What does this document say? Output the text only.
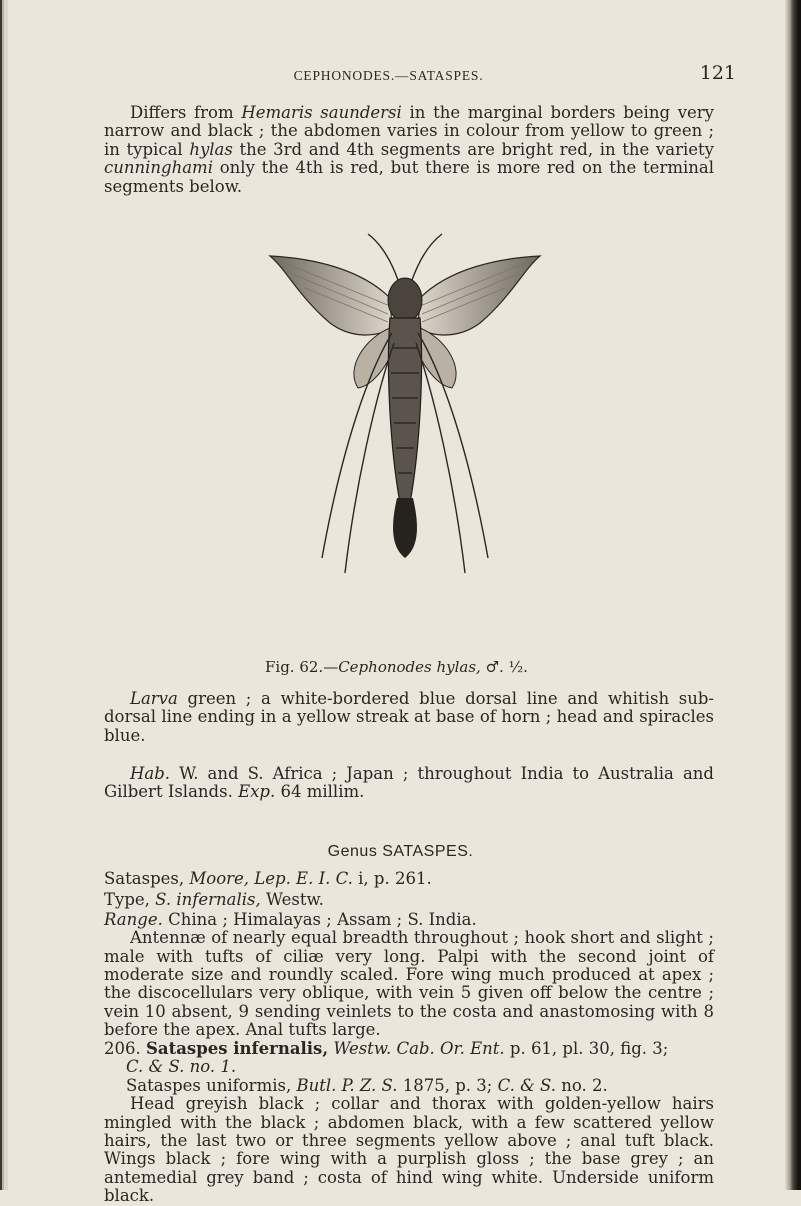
CEPHONODES.—SATASPES.	121

Differs from Hemaris saundersi in the marginal borders being very narrow and black ; the abdomen varies in colour from yellow to green ; in typical hylas the 3rd and 4th segments are bright red, in the variety cunninghami only the 4th is red, but there is more red on the terminal segments below.

Fig. 62.—Cephonodes hylas, ♂. ½.

Larva green ; a white-bordered blue dorsal line and whitish sub-dorsal line ending in a yellow streak at base of horn ; head and spiracles blue.

Hab. W. and S. Africa ; Japan ; throughout India to Australia and Gilbert Islands. Exp. 64 millim.

Genus SATASPES.

Sataspes, Moore, Lep. E. I. C. i, p. 261.

Type, S. infernalis, Westw.

Range. China ; Himalayas ; Assam ; S. India.

Antennæ of nearly equal breadth throughout ; hook short and slight ; male with tufts of ciliæ very long. Palpi with the second joint of moderate size and roundly scaled. Fore wing much produced at apex ; the discocellulars very oblique, with vein 5 given off below the centre ; vein 10 absent, 9 sending veinlets to the costa and anastomosing with 8 before the apex. Anal tufts large.

206. Sataspes infernalis, Westw. Cab. Or. Ent. p. 61, pl. 30, fig. 3;

C. & S. no. 1.

Sataspes uniformis, Butl. P. Z. S. 1875, p. 3; C. & S. no. 2.

Head greyish black ; collar and thorax with golden-yellow hairs mingled with the black ; abdomen black, with a few scattered yellow hairs, the last two or three segments yellow above ; anal tuft black. Wings black ; fore wing with a purplish gloss ; the base grey ; an antemedial grey band ; costa of hind wing white. Underside uniform black.
